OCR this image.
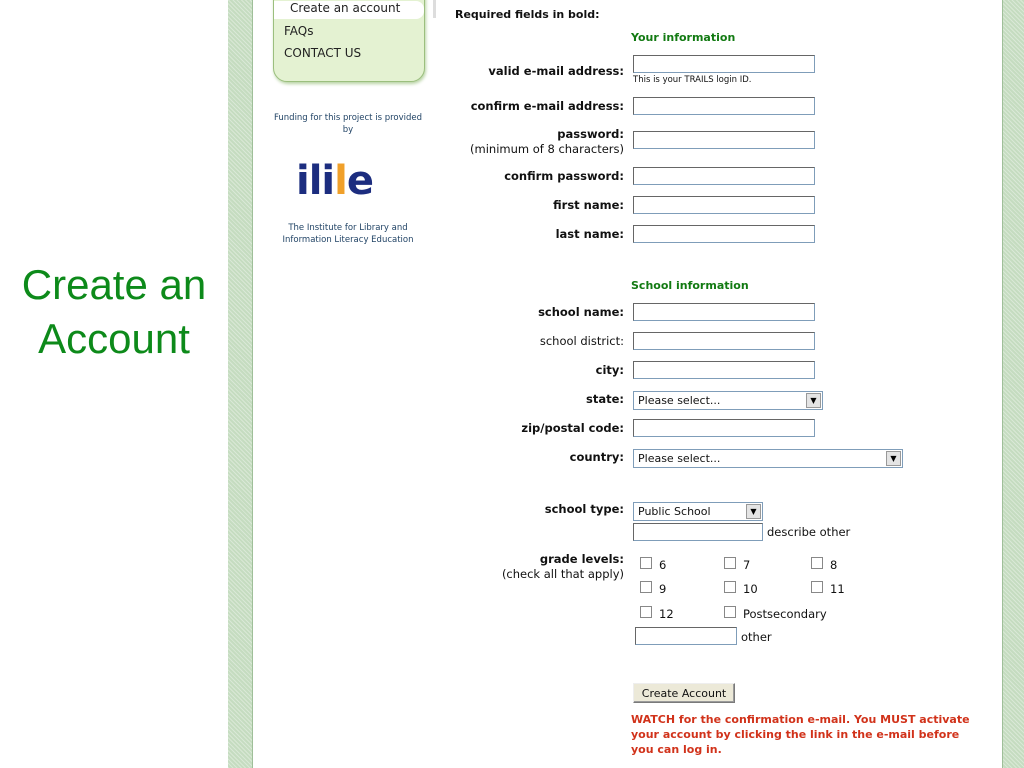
Create an Account
Create an account
FAQs
CONTACT US
Funding for this project is provided by
ilile
The Institute for Library and Information Literacy Education
Required fields in bold:
Your information
valid e-mail address:
This is your TRAILS login ID.
confirm e-mail address:
password:
(minimum of 8 characters)
confirm password:
first name:
last name:
School information
school name:
school district:
city:
state:	Please select...	▼
zip/postal code:
country:	Please select...	▼
school type:	Public School	▼
describe other
grade levels:
(check all that apply)
6	7	8
9	10	11
12	Postsecondary
other
Create Account
WATCH for the confirmation e-mail. You MUST activate your account by clicking the link in the e-mail before you can log in.
